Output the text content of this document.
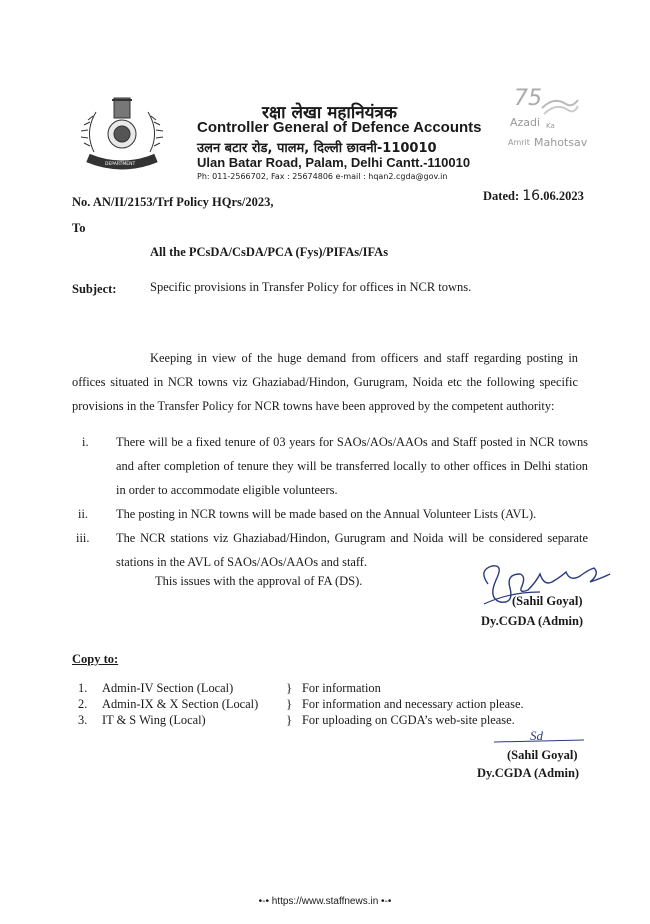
DEPARTMENT
रक्षा लेखा महानियंत्रक
Controller General of Defence Accounts
उलन बटार रोड, पालम, दिल्ली छावनी-110010
Ulan Batar Road, Palam, Delhi Cantt.-110010
Ph: 011-2566702, Fax : 25674806 e-mail : hqan2.cgda@gov.in
75
Azadi Ka
Amrit Mahotsav
No. AN/II/2153/Trf Policy HQrs/2023,	Dated: 16.06.2023
To
All the PCsDA/CsDA/PCA (Fys)/PIFAs/IFAs
Subject:	Specific provisions in Transfer Policy for offices in NCR towns.
Keeping in view of the huge demand from officers and staff regarding posting in offices situated in NCR towns viz Ghaziabad/Hindon, Gurugram, Noida etc the following specific provisions in the Transfer Policy for NCR towns have been approved by the competent authority:
i. There will be a fixed tenure of 03 years for SAOs/AOs/AAOs and Staff posted in NCR towns and after completion of tenure they will be transferred locally to other offices in Delhi station in order to accommodate eligible volunteers.
ii. The posting in NCR towns will be made based on the Annual Volunteer Lists (AVL).
iii. The NCR stations viz Ghaziabad/Hindon, Gurugram and Noida will be considered separate stations in the AVL of SAOs/AOs/AAOs and staff.
This issues with the approval of FA (DS).
(Sahil Goyal)
Dy.CGDA (Admin)
Copy to:
1. Admin-IV Section (Local)	} For information
2. Admin-IX & X Section (Local) } For information and necessary action please.
3. IT & S Wing (Local)	} For uploading on CGDA’s web-site please.
Sd
(Sahil Goyal)
Dy.CGDA (Admin)
•-• https://www.staffnews.in •-•
